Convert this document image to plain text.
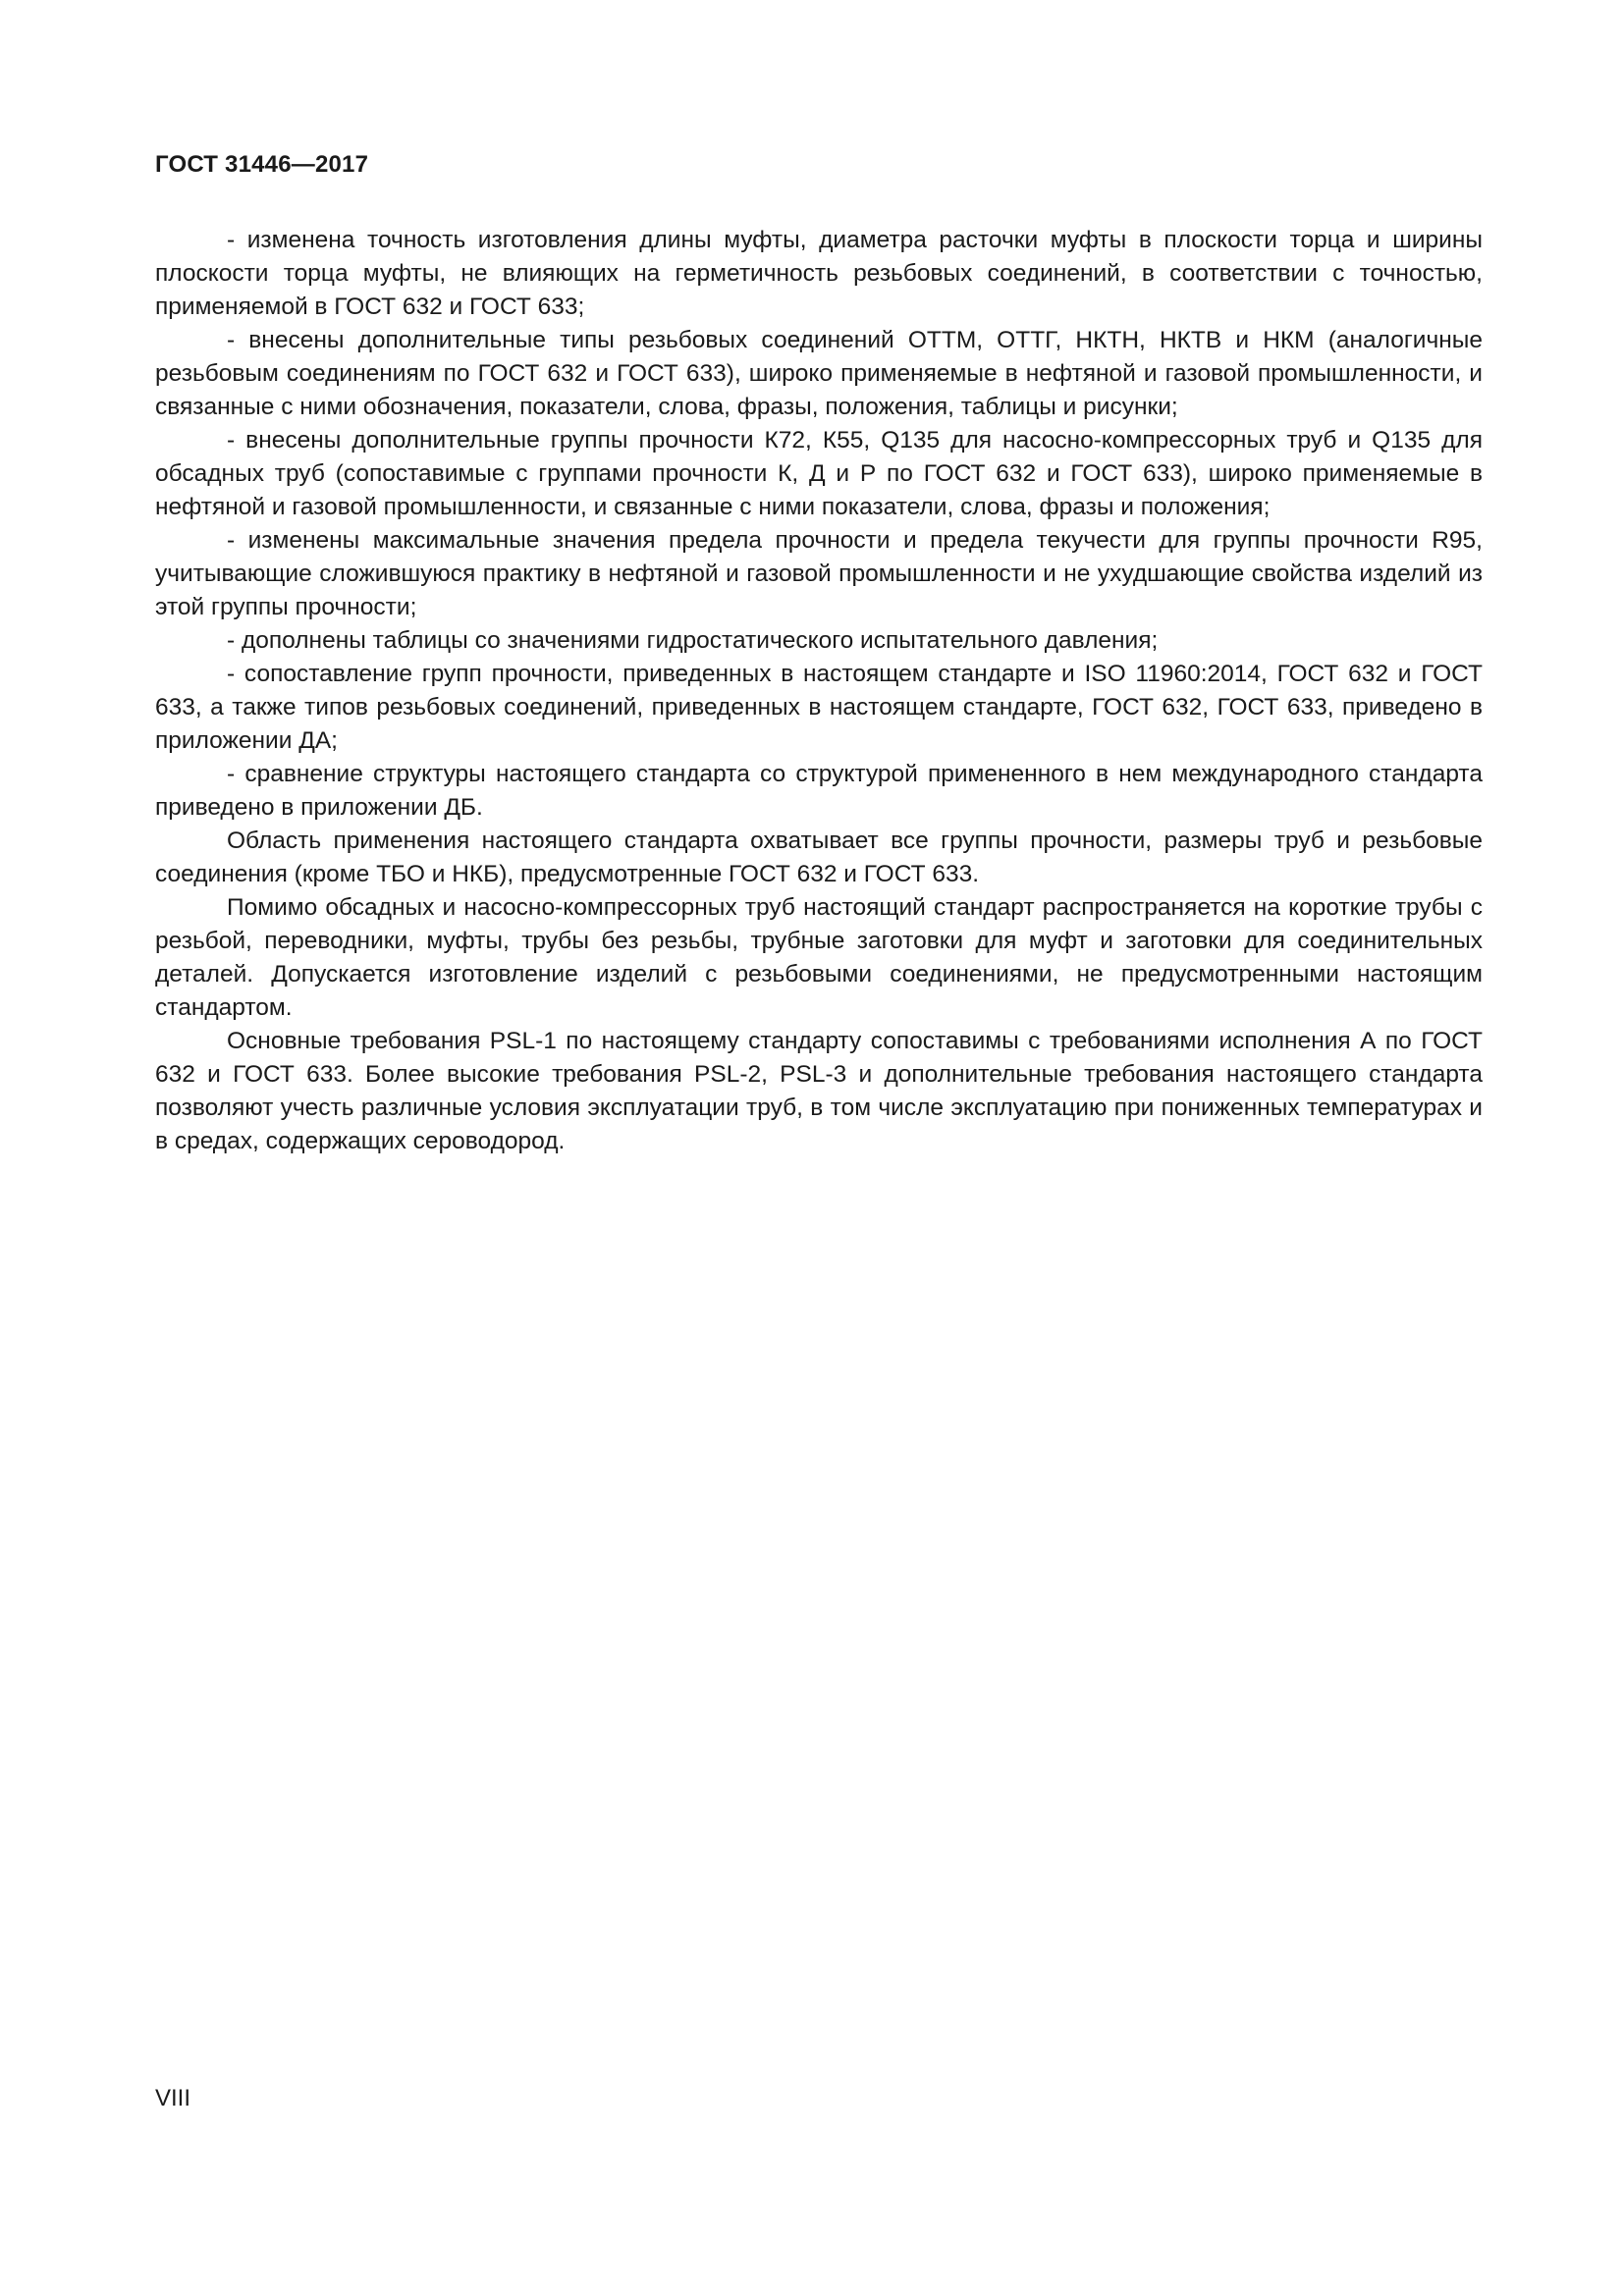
ГОСТ 31446—2017

- изменена точность изготовления длины муфты, диаметра расточки муфты в плоскости торца и ширины плоскости торца муфты, не влияющих на герметичность резьбовых соединений, в соответствии с точностью, применяемой в ГОСТ 632 и ГОСТ 633;

- внесены дополнительные типы резьбовых соединений ОТТМ, ОТТГ, НКТН, НКТВ и НКМ (аналогичные резьбовым соединениям по ГОСТ 632 и ГОСТ 633), широко применяемые в нефтяной и газовой промышленности, и связанные с ними обозначения, показатели, слова, фразы, положения, таблицы и рисунки;

- внесены дополнительные группы прочности К72, К55, Q135 для насосно-компрессорных труб и Q135 для обсадных труб (сопоставимые с группами прочности К, Д и Р по ГОСТ 632 и ГОСТ 633), широко применяемые в нефтяной и газовой промышленности, и связанные с ними показатели, слова, фразы и положения;

- изменены максимальные значения предела прочности и предела текучести для группы прочности R95, учитывающие сложившуюся практику в нефтяной и газовой промышленности и не ухудшающие свойства изделий из этой группы прочности;

- дополнены таблицы со значениями гидростатического испытательного давления;

- сопоставление групп прочности, приведенных в настоящем стандарте и ISO 11960:2014, ГОСТ 632 и ГОСТ 633, а также типов резьбовых соединений, приведенных в настоящем стандарте, ГОСТ 632, ГОСТ 633, приведено в приложении ДА;

- сравнение структуры настоящего стандарта со структурой примененного в нем международного стандарта приведено в приложении ДБ.

Область применения настоящего стандарта охватывает все группы прочности, размеры труб и резьбовые соединения (кроме ТБО и НКБ), предусмотренные ГОСТ 632 и ГОСТ 633.

Помимо обсадных и насосно-компрессорных труб настоящий стандарт распространяется на короткие трубы с резьбой, переводники, муфты, трубы без резьбы, трубные заготовки для муфт и заготовки для соединительных деталей. Допускается изготовление изделий с резьбовыми соединениями, не предусмотренными настоящим стандартом.

Основные требования PSL-1 по настоящему стандарту сопоставимы с требованиями исполнения А по ГОСТ 632 и ГОСТ 633. Более высокие требования PSL-2, PSL-3 и дополнительные требования настоящего стандарта позволяют учесть различные условия эксплуатации труб, в том числе эксплуатацию при пониженных температурах и в средах, содержащих сероводород.

VIII
